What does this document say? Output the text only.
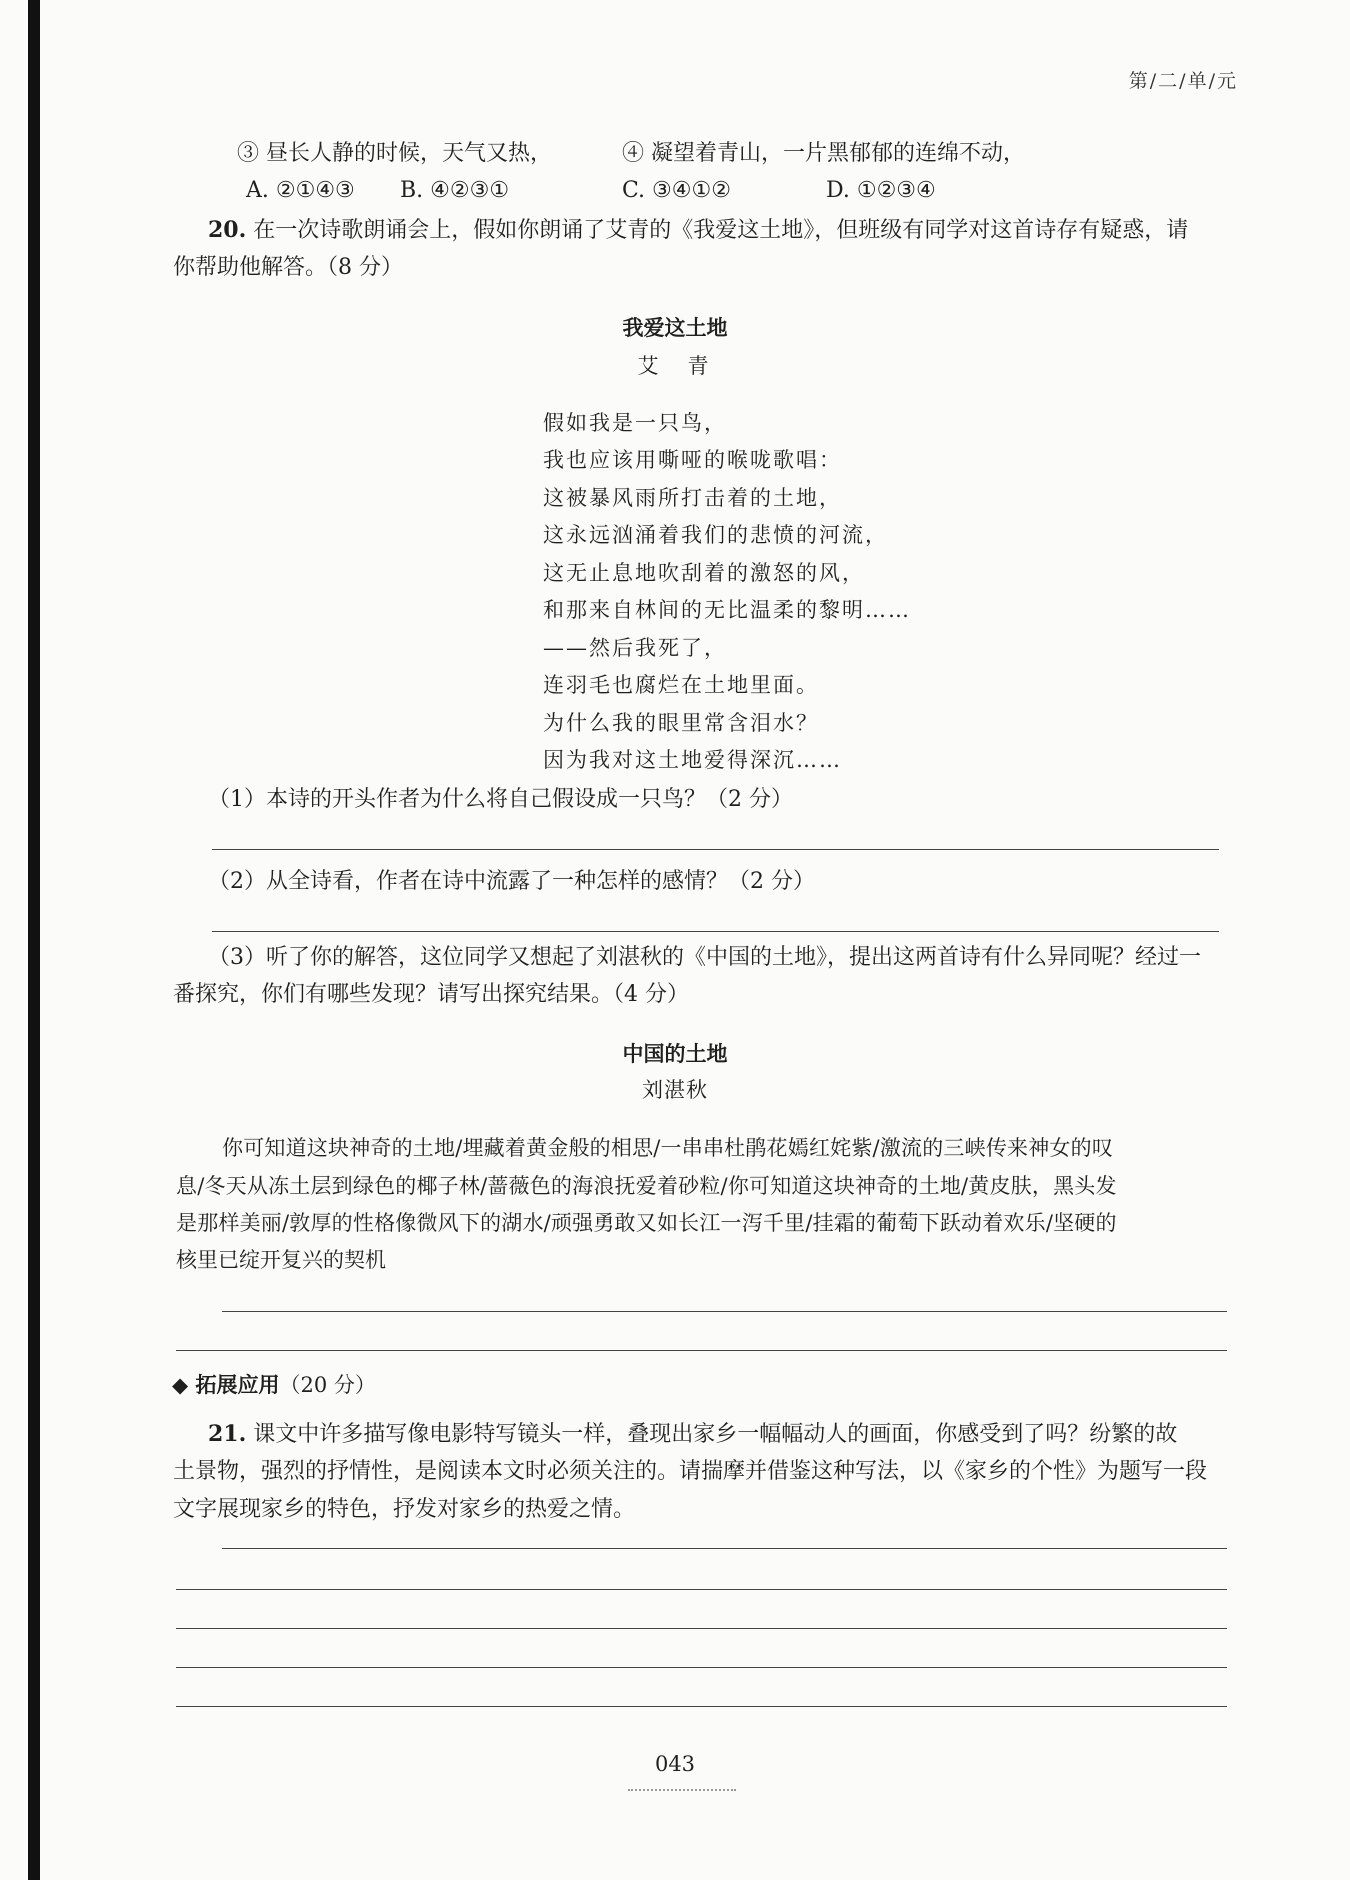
第/二/单/元
③ 昼长人静的时候，天气又热，	④ 凝望着青山，一片黑郁郁的连绵不动，
A. ②①④③ B. ④②③①	C. ③④①②	D. ①②③④
20. 在一次诗歌朗诵会上，假如你朗诵了艾青的《我爱这土地》，但班级有同学对这首诗存有疑惑，请
你帮助他解答。（8 分）
我爱这土地
艾　青
假如我是一只鸟，
我也应该用嘶哑的喉咙歌唱：
这被暴风雨所打击着的土地，
这永远汹涌着我们的悲愤的河流，
这无止息地吹刮着的激怒的风，
和那来自林间的无比温柔的黎明……
——然后我死了，
连羽毛也腐烂在土地里面。
为什么我的眼里常含泪水？
因为我对这土地爱得深沉……
（1）本诗的开头作者为什么将自己假设成一只鸟？（2 分）
（2）从全诗看，作者在诗中流露了一种怎样的感情？（2 分）
（3）听了你的解答，这位同学又想起了刘湛秋的《中国的土地》，提出这两首诗有什么异同呢？经过一
番探究，你们有哪些发现？请写出探究结果。（4 分）
中国的土地
刘湛秋
你可知道这块神奇的土地/埋藏着黄金般的相思/一串串杜鹃花嫣红姹紫/激流的三峡传来神女的叹
息/冬天从冻土层到绿色的椰子林/蔷薇色的海浪抚爱着砂粒/你可知道这块神奇的土地/黄皮肤，黑头发
是那样美丽/敦厚的性格像微风下的湖水/顽强勇敢又如长江一泻千里/挂霜的葡萄下跃动着欢乐/坚硬的
核里已绽开复兴的契机
◆ 拓展应用（20 分）
21. 课文中许多描写像电影特写镜头一样，叠现出家乡一幅幅动人的画面，你感受到了吗？纷繁的故
土景物，强烈的抒情性，是阅读本文时必须关注的。请揣摩并借鉴这种写法，以《家乡的个性》为题写一段
文字展现家乡的特色，抒发对家乡的热爱之情。
043
